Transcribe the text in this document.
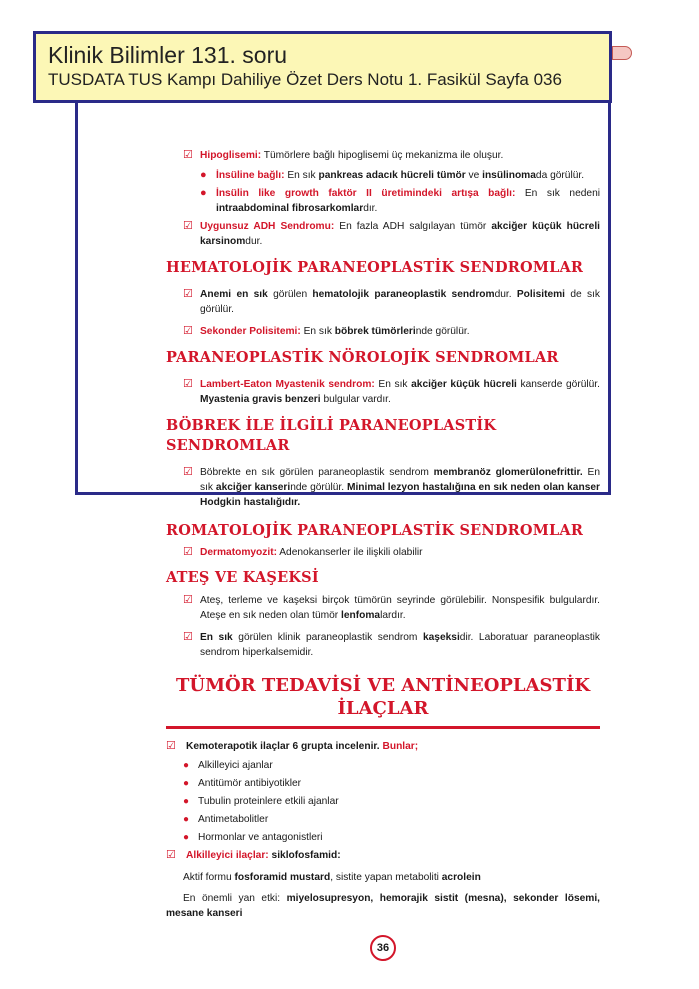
☑ Hipoglisemi: Tümörlere bağlı hipoglisemi üç mekanizma ile oluşur.
● İnsüline bağlı: En sık pankreas adacık hücreli tümör ve insülinomada görülür.
● İnsülin like growth faktör II üretimindeki artışa bağlı: En sık nedeni intraabdominal fibrosarkomlardır.
☑ Uygunsuz ADH Sendromu: En fazla ADH salgılayan tümör akciğer küçük hücreli karsinomdur.
HEMATOLOJİK PARANEOPLASTİK SENDROMLAR
☑ Anemi en sık görülen hematolojik paraneoplastik sendromdur. Polisitemi de sık görülür.
☑ Sekonder Polisitemi: En sık böbrek tümörlerinde görülür.
PARANEOPLASTİK NÖROLOJİK SENDROMLAR
☑ Lambert-Eaton Myastenik sendrom: En sık akciğer küçük hücreli kanserde görülür. Myastenia gravis benzeri bulgular vardır.
BÖBREK İLE İLGİLİ PARANEOPLASTİK SENDROMLAR
☑ Böbrekte en sık görülen paraneoplastik sendrom membranöz glomerülonefrittir. En sık akciğer kanserinde görülür. Minimal lezyon hastalığına en sık neden olan kanser Hodgkin hastalığıdır.
ROMATOLOJİK PARANEOPLASTİK SENDROMLAR
☑ Dermatomyozit: Adenokanserler ile ilişkili olabilir
ATEŞ VE KAŞEKSİ
☑ Ateş, terleme ve kaşeksi birçok tümörün seyrinde görülebilir. Nonspesifik bulgulardır. Ateşe en sık neden olan tümör lenfomalardır.
☑ En sık görülen klinik paraneoplastik sendrom kaşeksidir. Laboratuar paraneoplastik sendrom hiperkalsemidir.
TÜMÖR TEDAVİSİ VE ANTİNEOPLASTİK
İLAÇLAR
☑ Kemoterapotik ilaçlar 6 grupta incelenir. Bunlar;
● Alkilleyici ajanlar
● Antitümör antibiyotikler
● Tubulin proteinlere etkili ajanlar
● Antimetabolitler
● Hormonlar ve antagonistleri
☑ Alkilleyici ilaçlar: siklofosfamid:
Aktif formu fosforamid mustard, sistite yapan metaboliti acrolein
En önemli yan etki: miyelosupresyon, hemorajik sistit (mesna), sekonder lösemi, mesane kanseri
Klinik Bilimler 131. soru
TUSDATA TUS Kampı Dahiliye Özet Ders Notu 1. Fasikül Sayfa 036
36
